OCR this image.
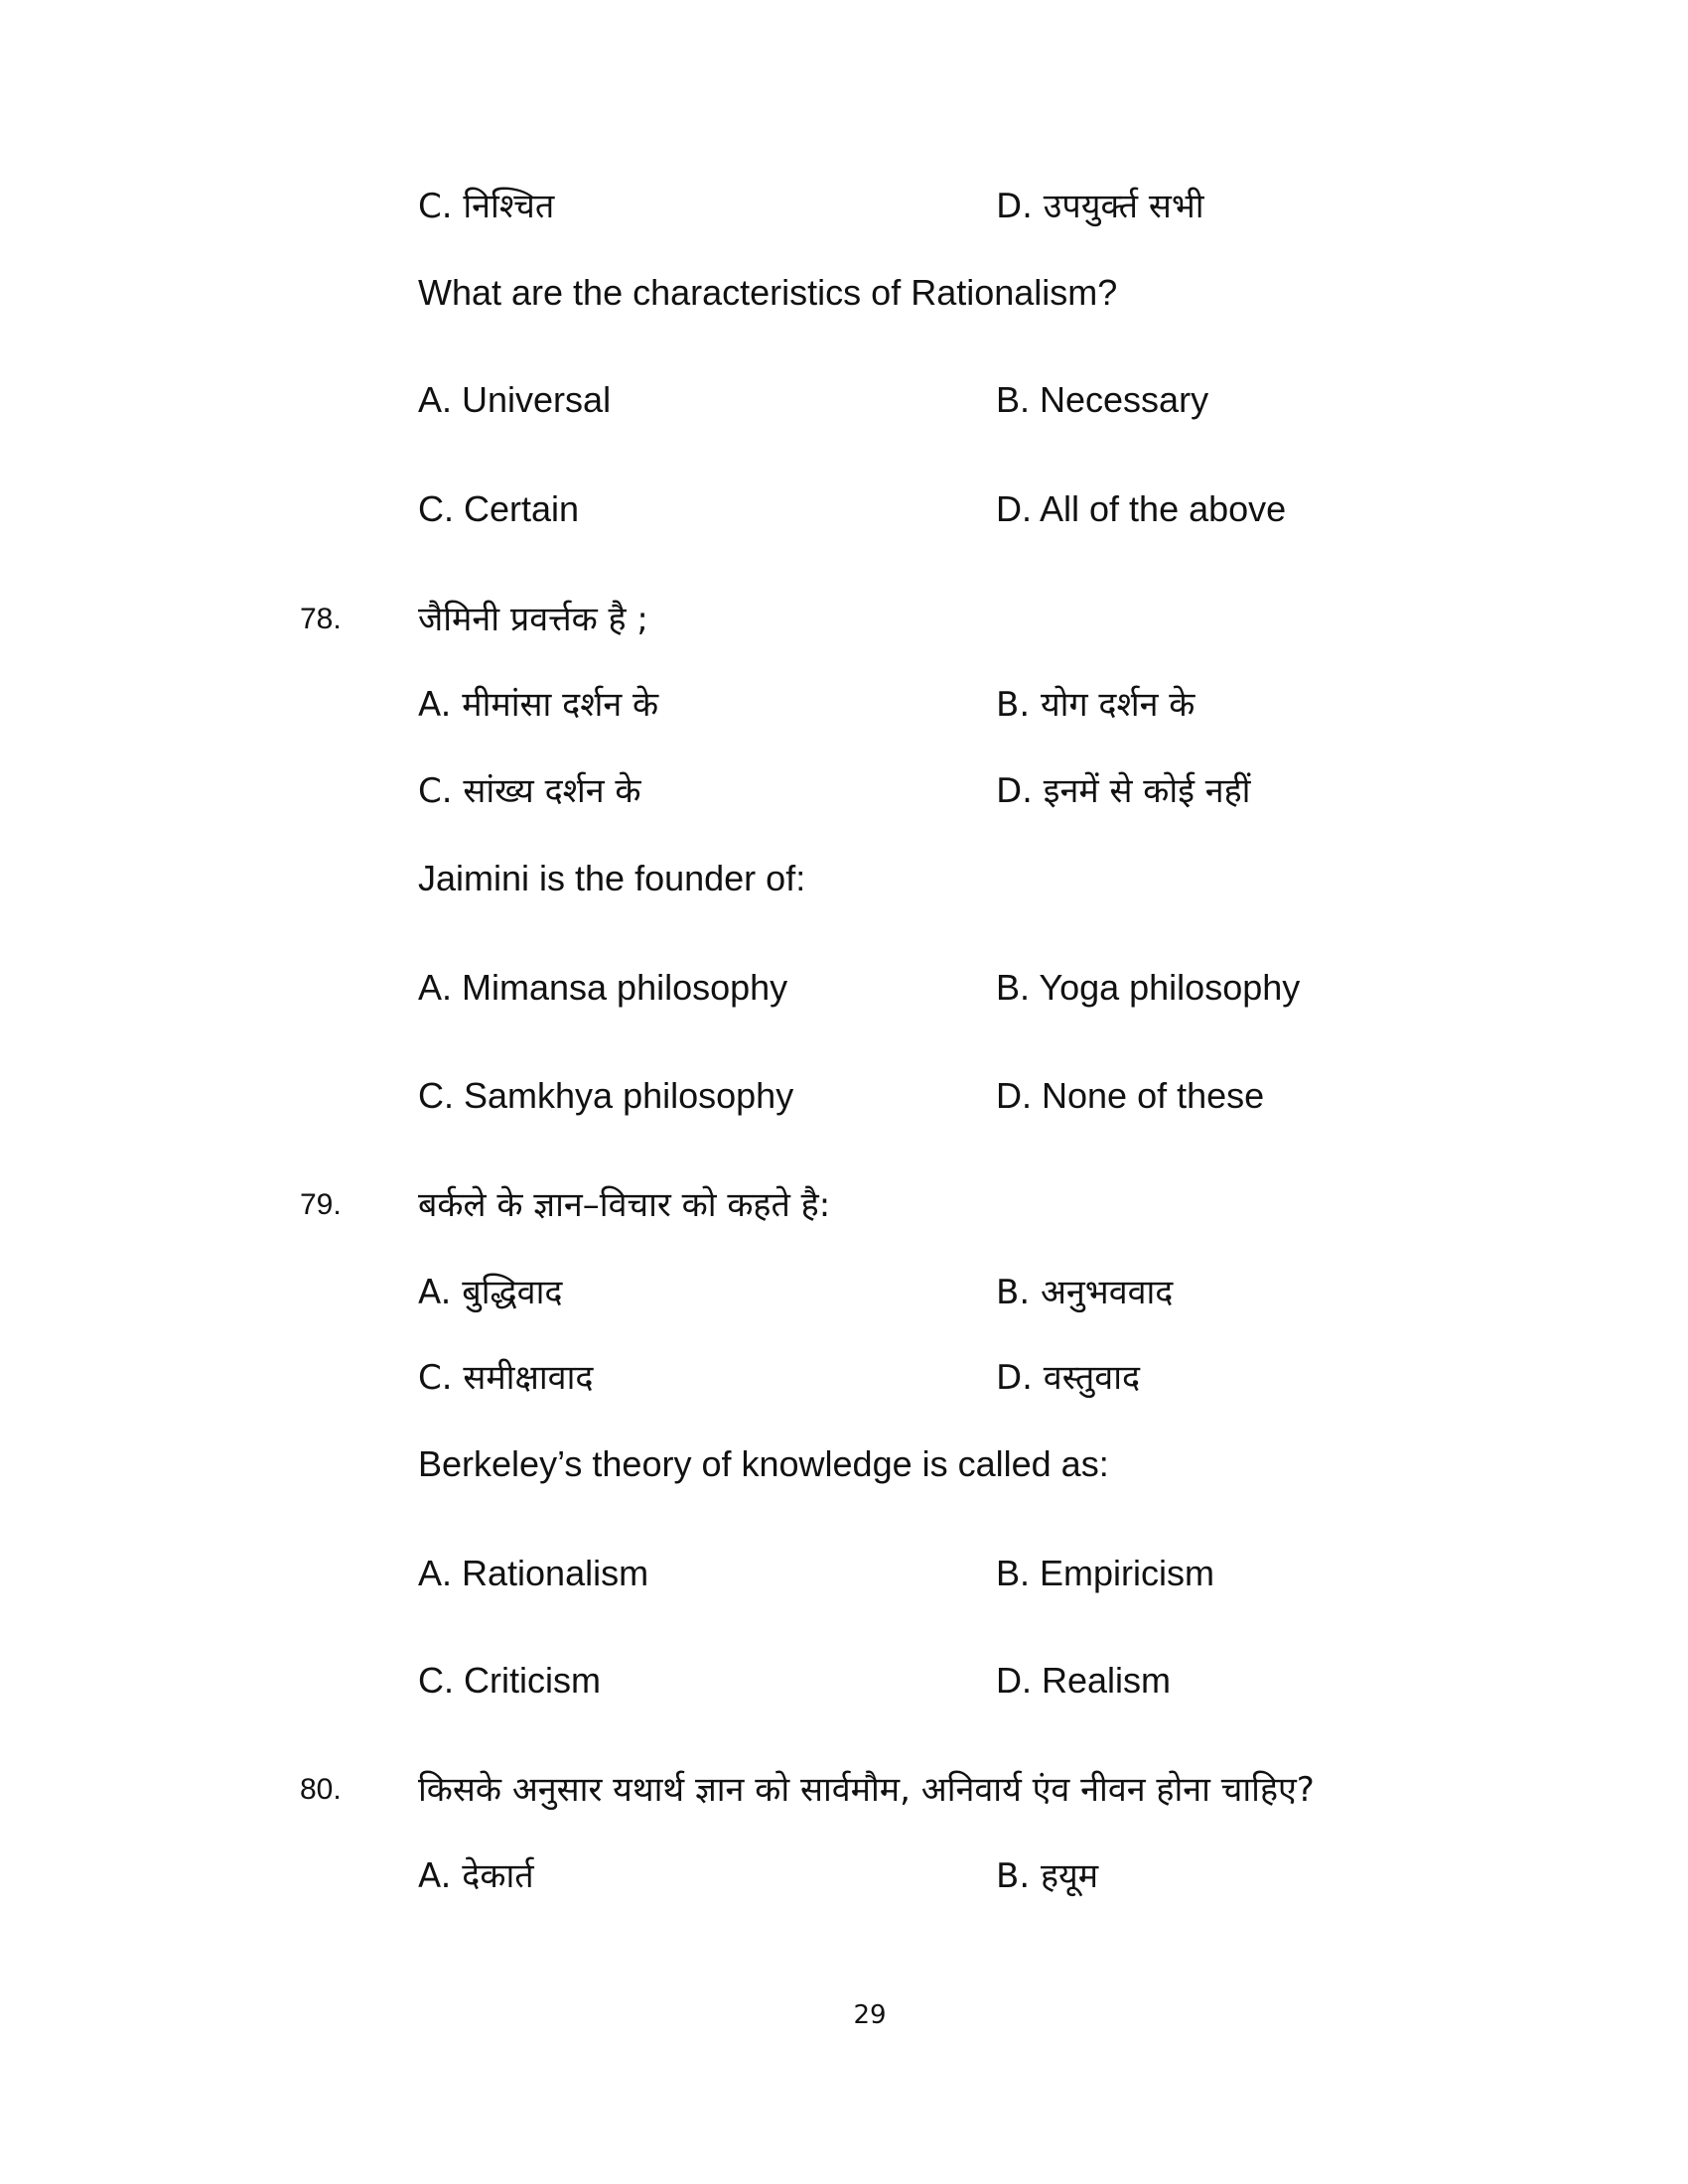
C. निश्चित	D. उपयुर्क्त सभी
What are the characteristics of Rationalism?
A. Universal	B. Necessary
C. Certain	D. All of the above
78. जैमिनी प्रवर्त्तक है ;
A. मीमांसा दर्शन के	B. योग दर्शन के
C. सांख्य दर्शन के	D. इनमें से कोई नहीं
Jaimini is the founder of:
A. Mimansa philosophy	B. Yoga philosophy
C. Samkhya philosophy	D. None of these
79. बर्कले के ज्ञान–विचार को कहते है:
A. बुद्धिवाद	B. अनुभववाद
C. समीक्षावाद	D. वस्तुवाद
Berkeley’s theory of knowledge is called as:
A. Rationalism	B. Empiricism
C. Criticism	D. Realism
80. किसके अनुसार यथार्थ ज्ञान को सार्वमौम, अनिवार्य एंव नीवन होना चाहिए?
A. देकार्त	B. हयूम
29
